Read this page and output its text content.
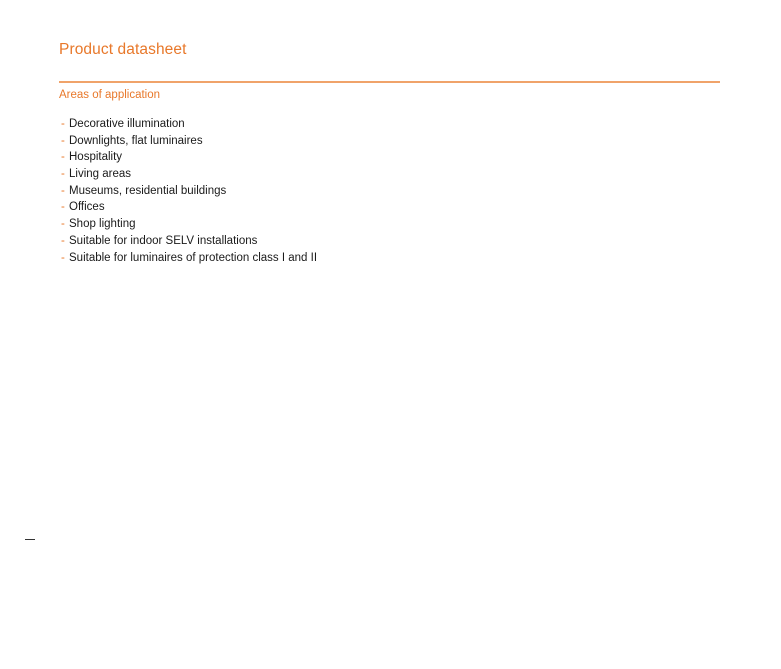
Product datasheet
Areas of application
- Decorative illumination
- Downlights, flat luminaires
- Hospitality
- Living areas
- Museums, residential buildings
- Offices
- Shop lighting
- Suitable for indoor SELV installations
- Suitable for luminaires of protection class I and II
